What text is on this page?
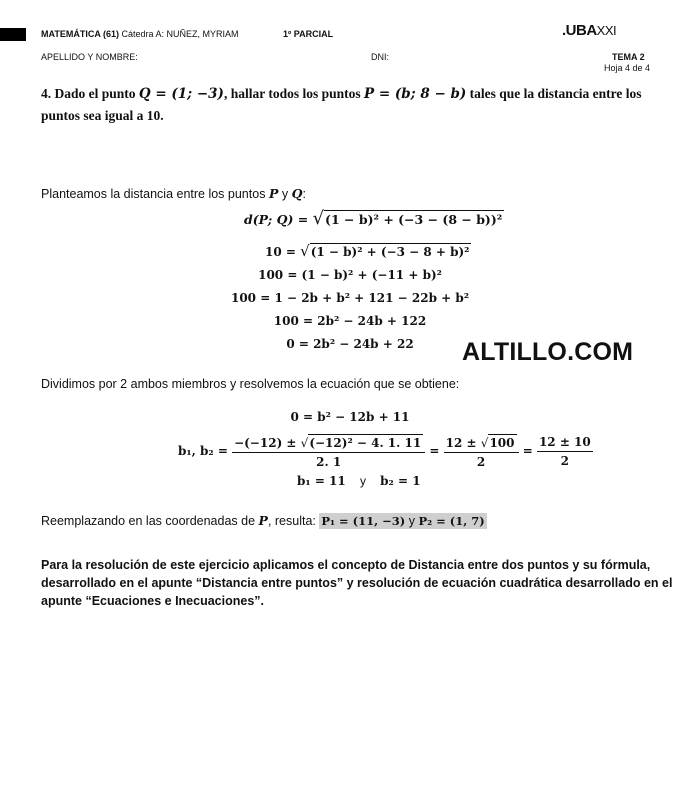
MATEMÁTICA (61) Cátedra A: NUÑEZ, MYRIAM	1º PARCIAL	.UBAXXI
APELLIDO Y NOMBRE:	DNI:	TEMA 2
Hoja 4 de 4
4. Dado el punto Q = (1; −3), hallar todos los puntos P = (b; 8 − b) tales que la distancia entre los puntos sea igual a 10.
Planteamos la distancia entre los puntos P y Q:
d(P; Q) = √(1 − b)² + (−3 − (8 − b))²
10 = √(1 − b)² + (−3 − 8 + b)²
100 = (1 − b)² + (−11 + b)²
100 = 1 − 2b + b² + 121 − 22b + b²
100 = 2b² − 24b + 122
0 = 2b² − 24b + 22	ALTILLO.COM
Dividimos por 2 ambos miembros y resolvemos la ecuación que se obtiene:
0 = b² − 12b + 11
b₁, $b_2 = \frac{\text{−(−12) ± √(−12)² − 4. 1. 11}}{2. 1} = \frac{12 \pm √100}{2} = \frac{12 \pm 10}{2}$
b₁ = 11 y b₂ = 1
Reemplazando en las coordenadas de P, resulta: P₁ = (11, −3) y P₂ = (1, 7)
Para la resolución de este ejercicio aplicamos el concepto de Distancia entre dos puntos y su fórmula, desarrollado en el apunte “Distancia entre puntos” y resolución de ecuación cuadrática desarrollado en el apunte “Ecuaciones e Inecuaciones”.
